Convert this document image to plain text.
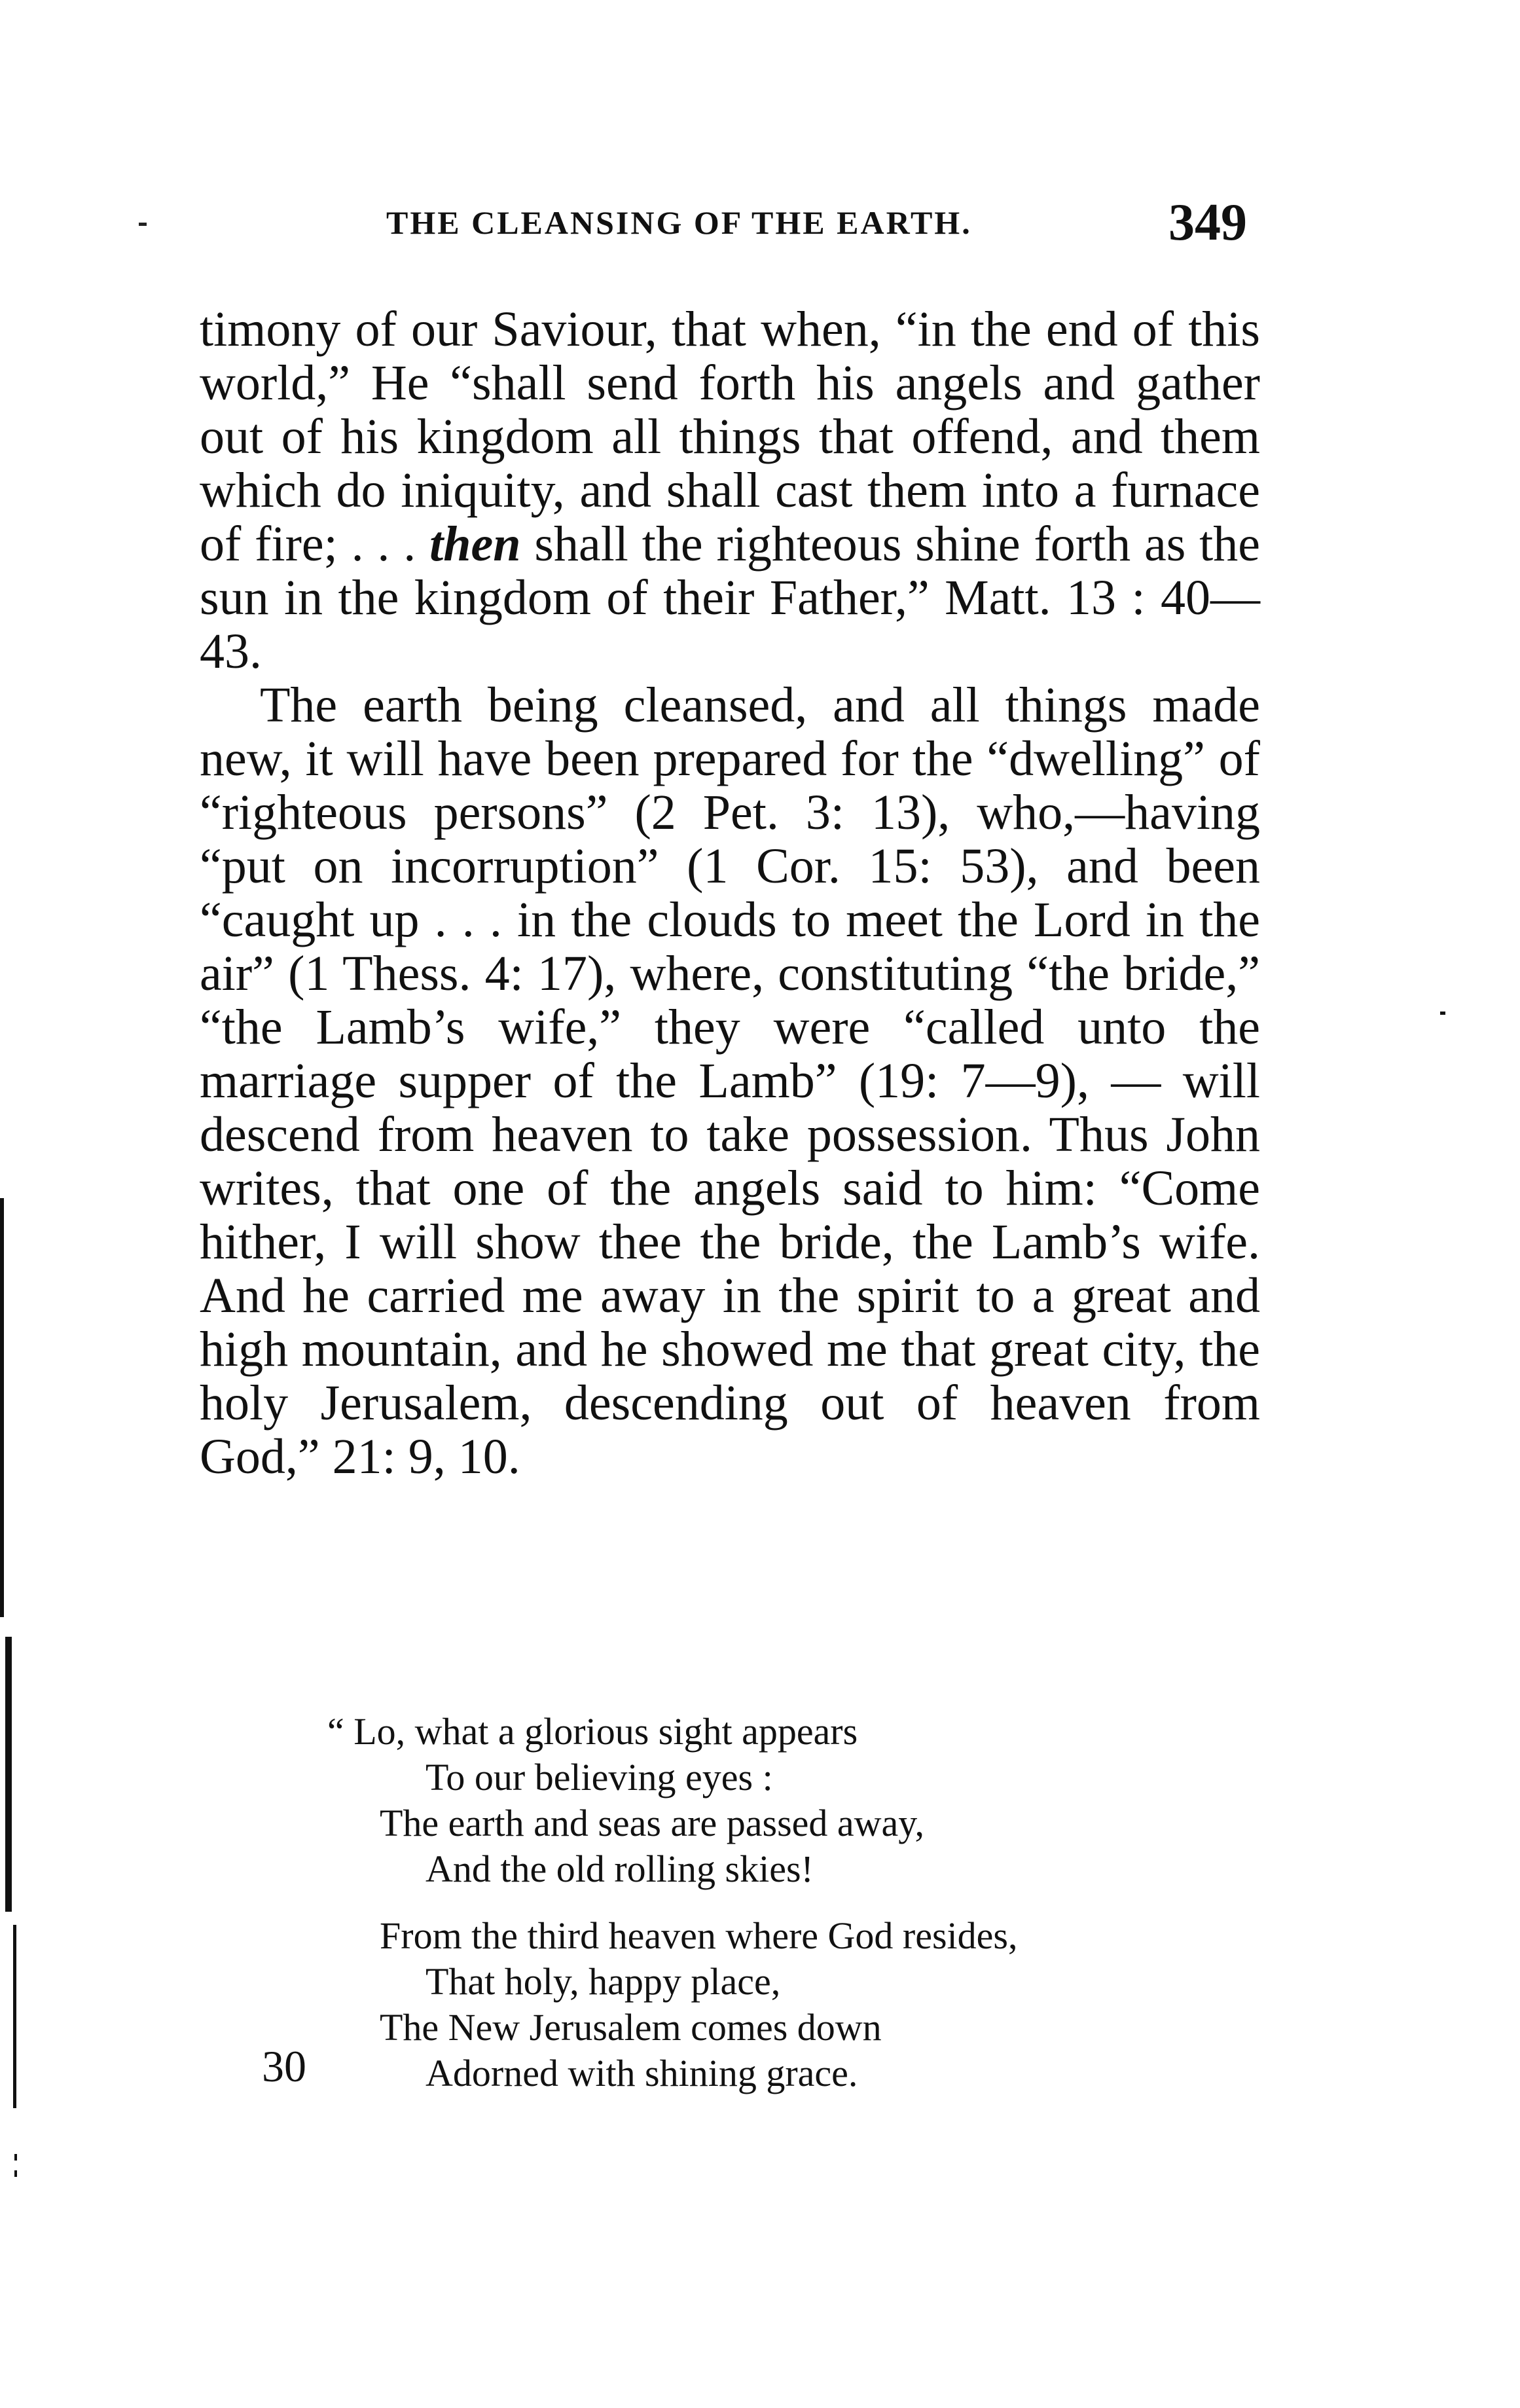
THE CLEANSING OF THE EARTH.	349

timony of our Saviour, that when, “in the end of this world,” He “shall send forth his angels and gather out of his kingdom all things that offend, and them which do iniquity, and shall cast them into a furnace of fire; . . . then shall the righteous shine forth as the sun in the kingdom of their Father,” Matt. 13 : 40—43.

The earth being cleansed, and all things made new, it will have been prepared for the “dwelling” of “righteous persons” (2 Pet. 3: 13), who,—having “put on incorruption” (1 Cor. 15: 53), and been “caught up . . . in the clouds to meet the Lord in the air” (1 Thess. 4: 17), where, constituting “the bride,” “the Lamb’s wife,” they were “called unto the marriage supper of the Lamb” (19: 7—9), — will descend from heaven to take possession. Thus John writes, that one of the angels said to him: “Come hither, I will show thee the bride, the Lamb’s wife. And he carried me away in the spirit to a great and high mountain, and he showed me that great city, the holy Jerusalem, descending out of heaven from God,” 21: 9, 10.

“ Lo, what a glorious sight appears
To our believing eyes :
The earth and seas are passed away,
And the old rolling skies!
From the third heaven where God resides,
That holy, happy place,
The New Jerusalem comes down
Adorned with shining grace.
30
